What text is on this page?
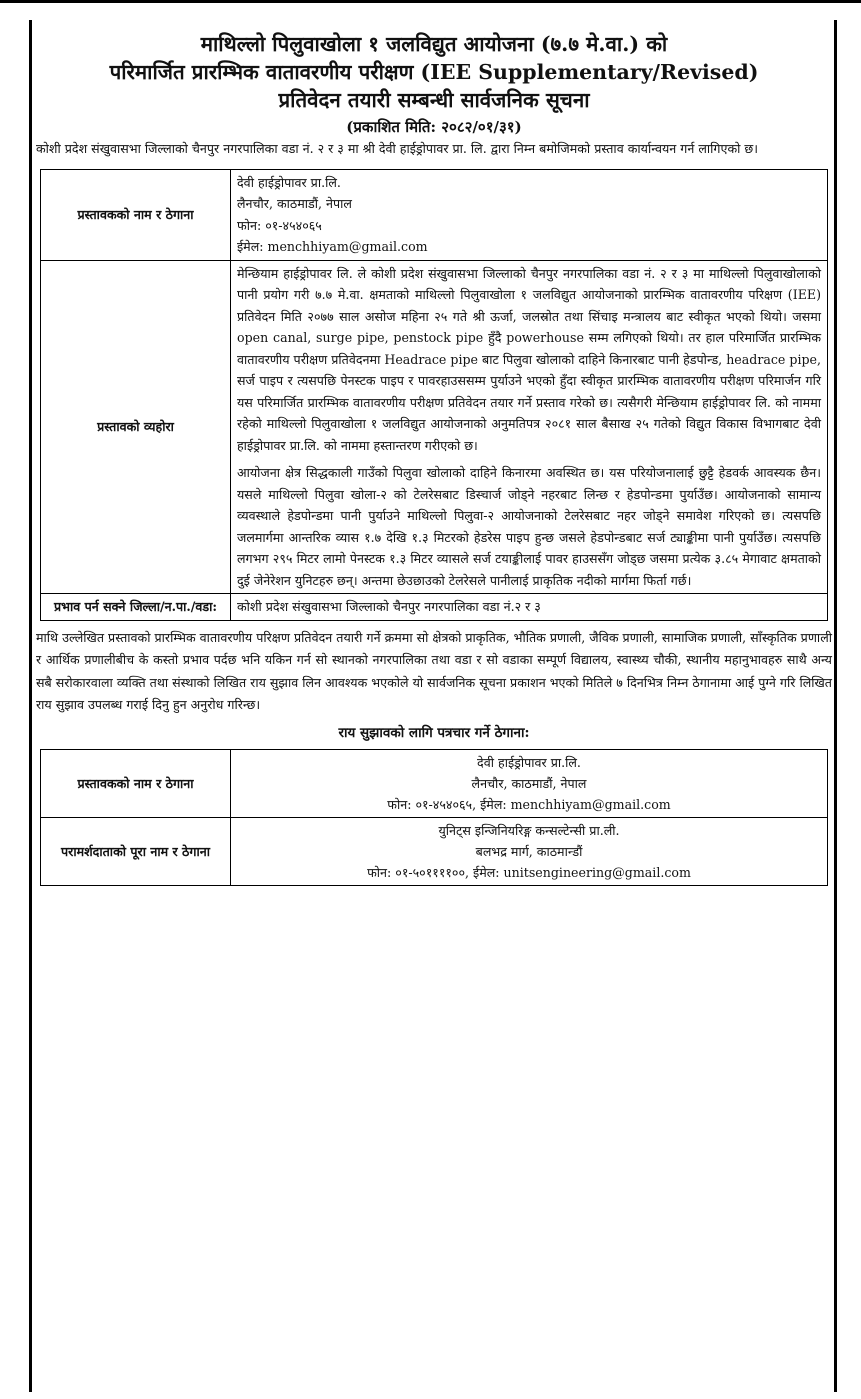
माथिल्लो पिलुवाखोला १ जलविद्युत आयोजना (७.७ मे.वा.) को
परिमार्जित प्रारम्भिक वातावरणीय परीक्षण (IEE Supplementary/Revised)
प्रतिवेदन तयारी सम्बन्धी सार्वजनिक सूचना
(प्रकाशित मिति: २०८२/०१/३१)

कोशी प्रदेश संखुवासभा जिल्लाको चैनपुर नगरपालिका वडा नं. २ र ३ मा श्री देवी हाईड्रोपावर प्रा. लि. द्वारा निम्न बमोजिमको प्रस्ताव कार्यान्वयन गर्न लागिएको छ।

प्रस्तावकको नाम र ठेगाना	देवी हाईड्रोपावर प्रा.लि.
लैनचौर, काठमाडौं, नेपाल
फोन: ०१-४५४०६५
ईमेल: menchhiyam@gmail.com

प्रस्तावको व्यहोरा	मेन्छियाम हाईड्रोपावर लि. ले कोशी प्रदेश संखुवासभा जिल्लाको चैनपुर नगरपालिका वडा नं. २ र ३ मा माथिल्लो पिलुवाखोलाको पानी प्रयोग गरी ७.७ मे.वा. क्षमताको माथिल्लो पिलुवाखोला १ जलविद्युत आयोजनाको प्रारम्भिक वातावरणीय परिक्षण (IEE) प्रतिवेदन मिति २०७७ साल असोज महिना २५ गते श्री ऊर्जा, जलस्रोत तथा सिंचाइ मन्त्रालय बाट स्वीकृत भएको थियो। जसमा open canal, surge pipe, penstock pipe हुँदै powerhouse सम्म लगिएको थियो। तर हाल परिमार्जित प्रारम्भिक वातावरणीय परीक्षण प्रतिवेदनमा Headrace pipe बाट पिलुवा खोलाको दाहिने किनारबाट पानी हेडपोन्ड, headrace pipe, सर्ज पाइप र त्यसपछि पेनस्टक पाइप र पावरहाउससम्म पुर्याउने भएको हुँदा स्वीकृत प्रारम्भिक वातावरणीय परीक्षण परिमार्जन गरि यस परिमार्जित प्रारम्भिक वातावरणीय परीक्षण प्रतिवेदन तयार गर्ने प्रस्ताव गरेको छ। त्यसैगरी मेन्छियाम हाईड्रोपावर लि. को नाममा रहेको माथिल्लो पिलुवाखोला १ जलविद्युत आयोजनाको अनुमतिपत्र २०८१ साल बैसाख २५ गतेको विद्युत विकास विभागबाट देवी हाईड्रोपावर प्रा.लि. को नाममा हस्तान्तरण गरीएको छ।

आयोजना क्षेत्र सिद्धकाली गाउँको पिलुवा खोलाको दाहिने किनारमा अवस्थित छ। यस परियोजनालाई छुट्टै हेडवर्क आवस्यक छैन। यसले माथिल्लो पिलुवा खोला-२ को टेलरेसबाट डिस्चार्ज जोड्ने नहरबाट लिन्छ र हेडपोन्डमा पुर्याउँछ। आयोजनाको सामान्य व्यवस्थाले हेडपोन्डमा पानी पुर्याउने माथिल्लो पिलुवा-२ आयोजनाको टेलरेसबाट नहर जोड्ने समावेश गरिएको छ। त्यसपछि जलमार्गमा आन्तरिक व्यास १.७ देखि १.३ मिटरको हेडरेस पाइप हुन्छ जसले हेडपोन्डबाट सर्ज ट्याङ्कीमा पानी पुर्याउँछ। त्यसपछि लगभग २९५ मिटर लामो पेनस्टक १.३ मिटर व्यासले सर्ज टयाङ्कीलाई पावर हाउससँग जोड्छ जसमा प्रत्येक ३.८५ मेगावाट क्षमताको दुई जेनेरेशन युनिटहरु छन्। अन्तमा छेउछाउको टेलरेसले पानीलाई प्राकृतिक नदीको मार्गमा फिर्ता गर्छ।

प्रभाव पर्न सक्ने जिल्ला/न.पा./वडा:	कोशी प्रदेश संखुवासभा जिल्लाको चैनपुर नगरपालिका वडा नं.२ र ३

माथि उल्लेखित प्रस्तावको प्रारम्भिक वातावरणीय परिक्षण प्रतिवेदन तयारी गर्ने क्रममा सो क्षेत्रको प्राकृतिक, भौतिक प्रणाली, जैविक प्रणाली, सामाजिक प्रणाली, साँस्कृतिक प्रणाली र आर्थिक प्रणालीबीच के कस्तो प्रभाव पर्दछ भनि यकिन गर्न सो स्थानको नगरपालिका तथा वडा र सो वडाका सम्पूर्ण विद्यालय, स्वास्थ्य चौकी, स्थानीय महानुभावहरु साथै अन्य सबै सरोकारवाला व्यक्ति तथा संस्थाको लिखित राय सुझाव लिन आवश्यक भएकोले यो सार्वजनिक सूचना प्रकाशन भएको मितिले ७ दिनभित्र निम्न ठेगानामा आई पुग्ने गरि लिखित राय सुझाव उपलब्ध गराई दिनु हुन अनुरोध गरिन्छ।

राय सुझावको लागि पत्रचार गर्ने ठेगाना:
प्रस्तावकको नाम र ठेगाना	देवी हाईड्रोपावर प्रा.लि.
लैनचौर, काठमाडौं, नेपाल
फोन: ०१-४५४०६५, ईमेल: menchhiyam@gmail.com

परामर्शदाताको पूरा नाम र ठेगाना	युनिट्स इन्जिनियरिङ्ग कन्सल्टेन्सी प्रा.ली.
बलभद्र मार्ग, काठमान्डौं
फोन: ०१-५०११११००, ईमेल: unitsengineering@gmail.com
